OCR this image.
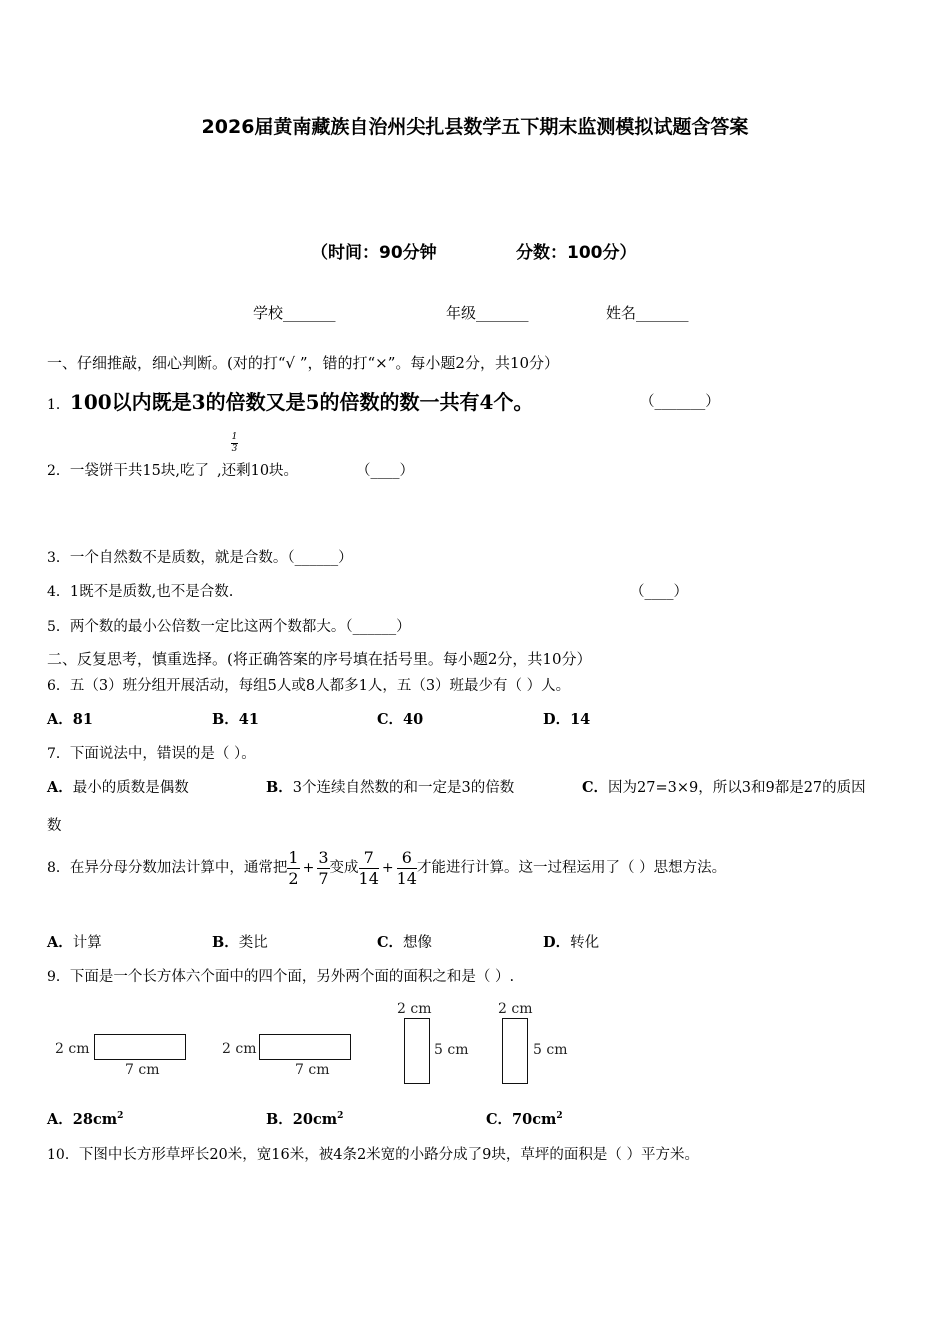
2026届黄南藏族自治州尖扎县数学五下期末监测模拟试题含答案
（时间：90分钟	分数：100分）
学校_______	年级_______	姓名_______
一、仔细推敲，细心判断。(对的打“√ ”，错的打“×”。每小题2分，共10分）
1．100以内既是3的倍数又是5的倍数的数一共有4个。	（_______）
2．一袋饼干共15块,吃了 ,还剩10块。
1
3
（____）
3．一个自然数不是质数，就是合数。（______）
4．1既不是质数,也不是合数.	（____）
5．两个数的最小公倍数一定比这两个数都大。（______）
二、反复思考，慎重选择。(将正确答案的序号填在括号里。每小题2分，共10分）
6．五（3）班分组开展活动，每组5人或8人都多1人，五（3）班最少有（ ）人。
A．81	B．41	C．40	D．14
7．下面说法中，错误的是（ ）。
A．最小的质数是偶数	B．3个连续自然数的和一定是3的倍数	C．因为27=3×9，所以3和9都是27的质因
数
8．在异分母分数加法计算中，通常把 $\frac{1}{2} + \frac{3}{7}$ 变成 $\frac{7}{14} + \frac{6}{14}$ 才能进行计算。这一过程运用了（ ）思想方法。
A．计算	B．类比	C．想像	D．转化
9．下面是一个长方体六个面中的四个面，另外两个面的面积之和是（ ）.
2 cm
7 cm
2 cm
7 cm
2 cm
5 cm
2 cm
5 cm
A．$28cm^2$	B．$20cm^2$	C．$70cm^2$
10．下图中长方形草坪长20米，宽16米，被4条2米宽的小路分成了9块，草坪的面积是（ ）平方米。
